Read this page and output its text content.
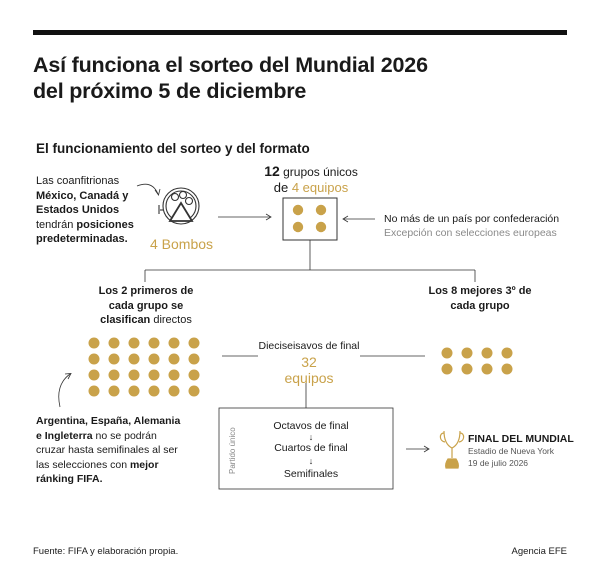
Así funciona el sorteo del Mundial 2026
del próximo 5 de diciembre
El funcionamiento del sorteo y del formato
Las coanfitrionas
México, Canadá y
Estados Unidos
tendrán posiciones
predeterminadas.	4 Bombos
12 grupos únicos
de 4 equipos
No más de un país por confederación
Excepción con selecciones europeas
Los 2 primeros de
cada grupo se
clasifican directos
Los 8 mejores 3º de
cada grupo
Dieciseisavos de final
32
equipos
Argentina, España, Alemania
e Ingleterra no se podrán
cruzar hasta semifinales al ser
las selecciones con mejor
ránking FIFA.
Partido único
Octavos de final
↓
Cuartos de final
↓
Semifinales
FINAL DEL MUNDIAL
Estadio de Nueva York
19 de julio 2026
Fuente: FIFA y elaboración propia.	Agencia EFE
